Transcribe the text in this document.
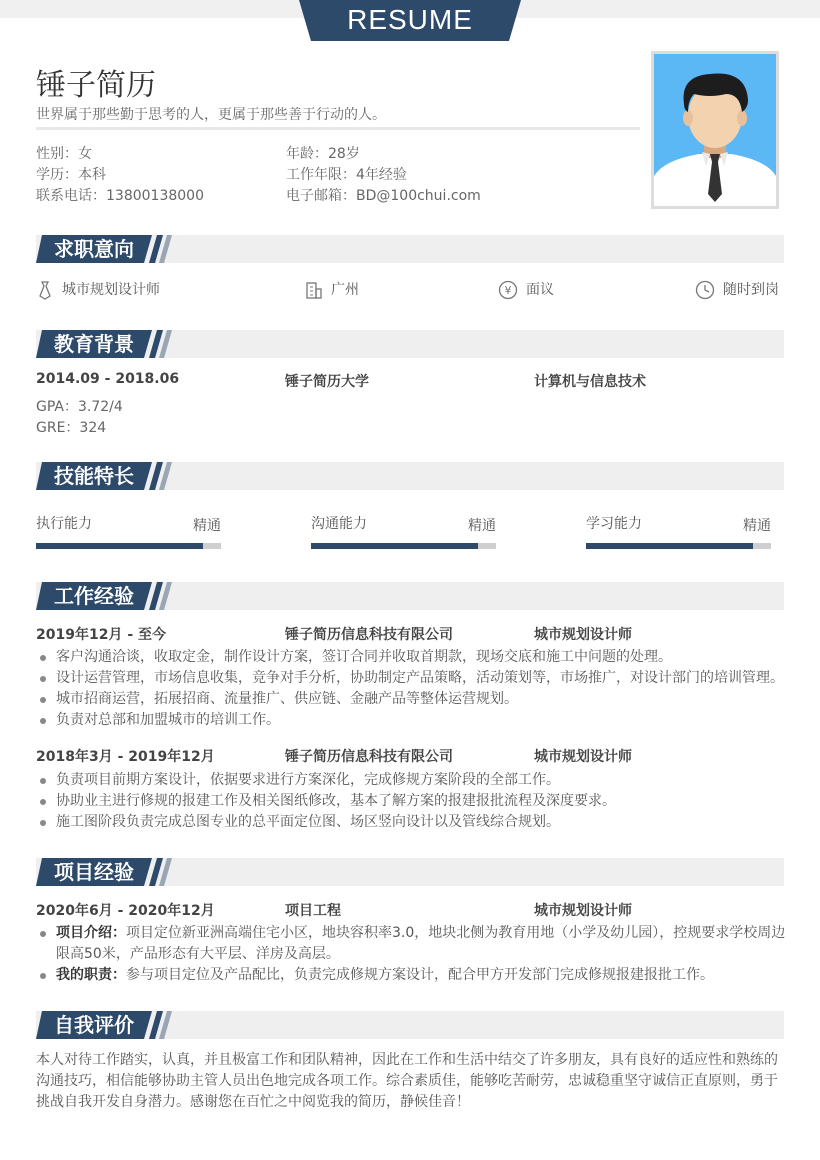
RESUME
锤子简历
世界属于那些勤于思考的人，更属于那些善于行动的人。
性别：女	年龄：28岁
学历：本科	工作年限：4年经验
联系电话：13800138000	电子邮箱：BD@100chui.com
求职意向
城市规划设计师	广州	¥ 面议	随时到岗
教育背景
2014.09 - 2018.06	锤子简历大学	计算机与信息技术
GPA：3.72/4
GRE：324
技能特长
执行能力	精通	沟通能力	精通	学习能力	精通
工作经验
2019年12月 - 至今	锤子简历信息科技有限公司	城市规划设计师
客户沟通洽谈，收取定金，制作设计方案，签订合同并收取首期款，现场交底和施工中问题的处理。
设计运营管理，市场信息收集，竞争对手分析，协助制定产品策略，活动策划等，市场推广，对设计部门的培训管理。
城市招商运营，拓展招商、流量推广、供应链、金融产品等整体运营规划。
负责对总部和加盟城市的培训工作。
2018年3月 - 2019年12月	锤子简历信息科技有限公司	城市规划设计师
负责项目前期方案设计，依据要求进行方案深化，完成修规方案阶段的全部工作。
协助业主进行修规的报建工作及相关图纸修改，基本了解方案的报建报批流程及深度要求。
施工图阶段负责完成总图专业的总平面定位图、场区竖向设计以及管线综合规划。
项目经验
2020年6月 - 2020年12月	项目工程	城市规划设计师
项目介绍：项目定位新亚洲高端住宅小区，地块容积率3.0，地块北侧为教育用地（小学及幼儿园），控规要求学校周边限高50米，产品形态有大平层、洋房及高层。
我的职责：参与项目定位及产品配比，负责完成修规方案设计，配合甲方开发部门完成修规报建报批工作。
自我评价
本人对待工作踏实，认真，并且极富工作和团队精神，因此在工作和生活中结交了许多朋友，具有良好的适应性和熟练的沟通技巧，相信能够协助主管人员出色地完成各项工作。综合素质佳，能够吃苦耐劳，忠诚稳重坚守诚信正直原则，勇于挑战自我开发自身潜力。感谢您在百忙之中阅览我的简历，静候佳音！
